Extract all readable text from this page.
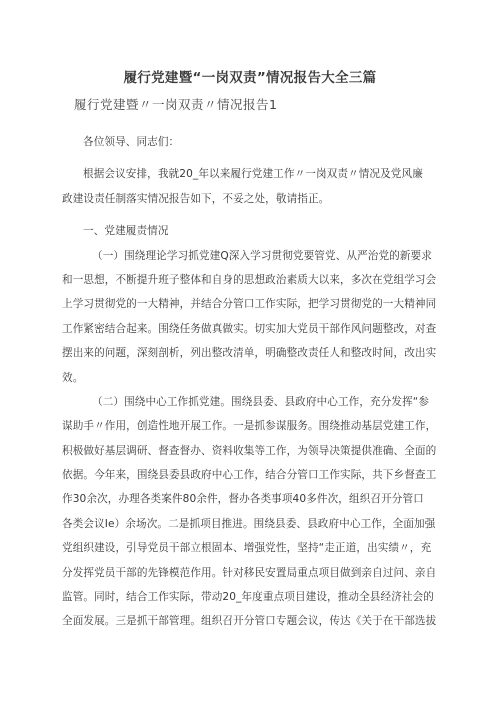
履行党建暨“一岗双责”情况报告大全三篇

履行党建暨〃一岗双责〃情况报告1

各位领导、同志们：

根据会议安排，我就20_年以来履行党建工作〃一岗双责〃情况及党风廉

政建设责任制落实情况报告如下，不妥之处，敬请指正。

一、党建履责情况

（一）围绕理论学习抓党建Q深入学习贯彻党要管党、从严治党的新要求

和一思想，不断提升班子整体和自身的思想政治素质大以来，多次在党组学习会

上学习贯彻党的一大精神，并结合分管口工作实际，把学习贯彻党的一大精神同

工作紧密结合起来。围绕任务做真做实。切实加大党员干部作风问题整改，对查

摆出来的问题，深刻剖析，列出整改清单，明确整改责任人和整改时间，改出实

效。

（二）围绕中心工作抓党建。围绕县委、县政府中心工作，充分发挥“参

谋助手〃作用，创造性地开展工作。一是抓参谋服务。围绕推动基层党建工作，

积极做好基层调研、督查督办、资料收集等工作，为领导决策提供准确、全面的

依据。今年来，围绕县委县政府中心工作，结合分管口工作实际，共下乡督查工

作30余次，办理各类案件80余件，督办各类事项40多件次，组织召开分管口

各类会议Ie）余场次。二是抓项目推进。围绕县委、县政府中心工作，全面加强

党组织建设，引导党员干部立根固本、增强党性，坚持“走正道，出实绩〃，充

分发挥党员干部的先锋模范作用。针对移民安置局重点项目做到亲自过问、亲自

监管。同时，结合工作实际，带动20_年度重点项目建设，推动全县经济社会的

全面发展。三是抓干部管理。组织召开分管口专题会议，传达《关于在干部选拔
